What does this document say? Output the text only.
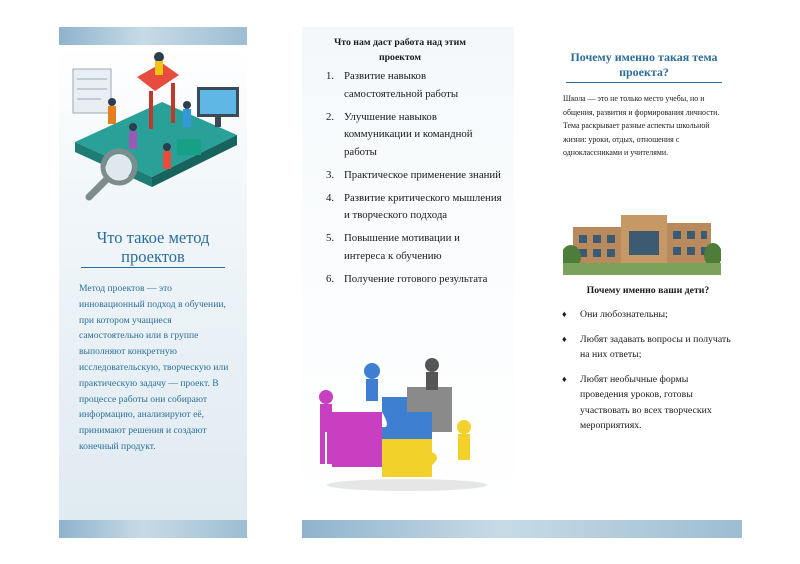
Что такое метод проектов
Метод проектов — это инновационный подход в обучении, при котором учащиеся самостоятельно или в группе выполняют конкретную исследовательскую, творческую или практическую задачу — проект. В процессе работы они собирают информацию, анализируют её, принимают решения и создают конечный продукт.
Что нам даст работа над этим проектом
1. Развитие навыков самостоятельной работы
2. Улучшение навыков коммуникации и командной работы
3. Практическое применение знаний
4. Развитие критического мышления и творческого подхода
5. Повышение мотивации и интереса к обучению
6. Получение готового результата
Почему именно такая тема проекта?
Школа — это не только место учебы, но и общения, развития и формирования личности. Тема раскрывает разные аспекты школьной жизни: уроки, отдых, отношения с одноклассниками и учителями.
Почему именно ваши дети?
♦ Они любознательны;
♦ Любят задавать вопросы и получать на них ответы;
♦ Любят необычные формы проведения уроков, готовы участвовать во всех творческих мероприятиях.
